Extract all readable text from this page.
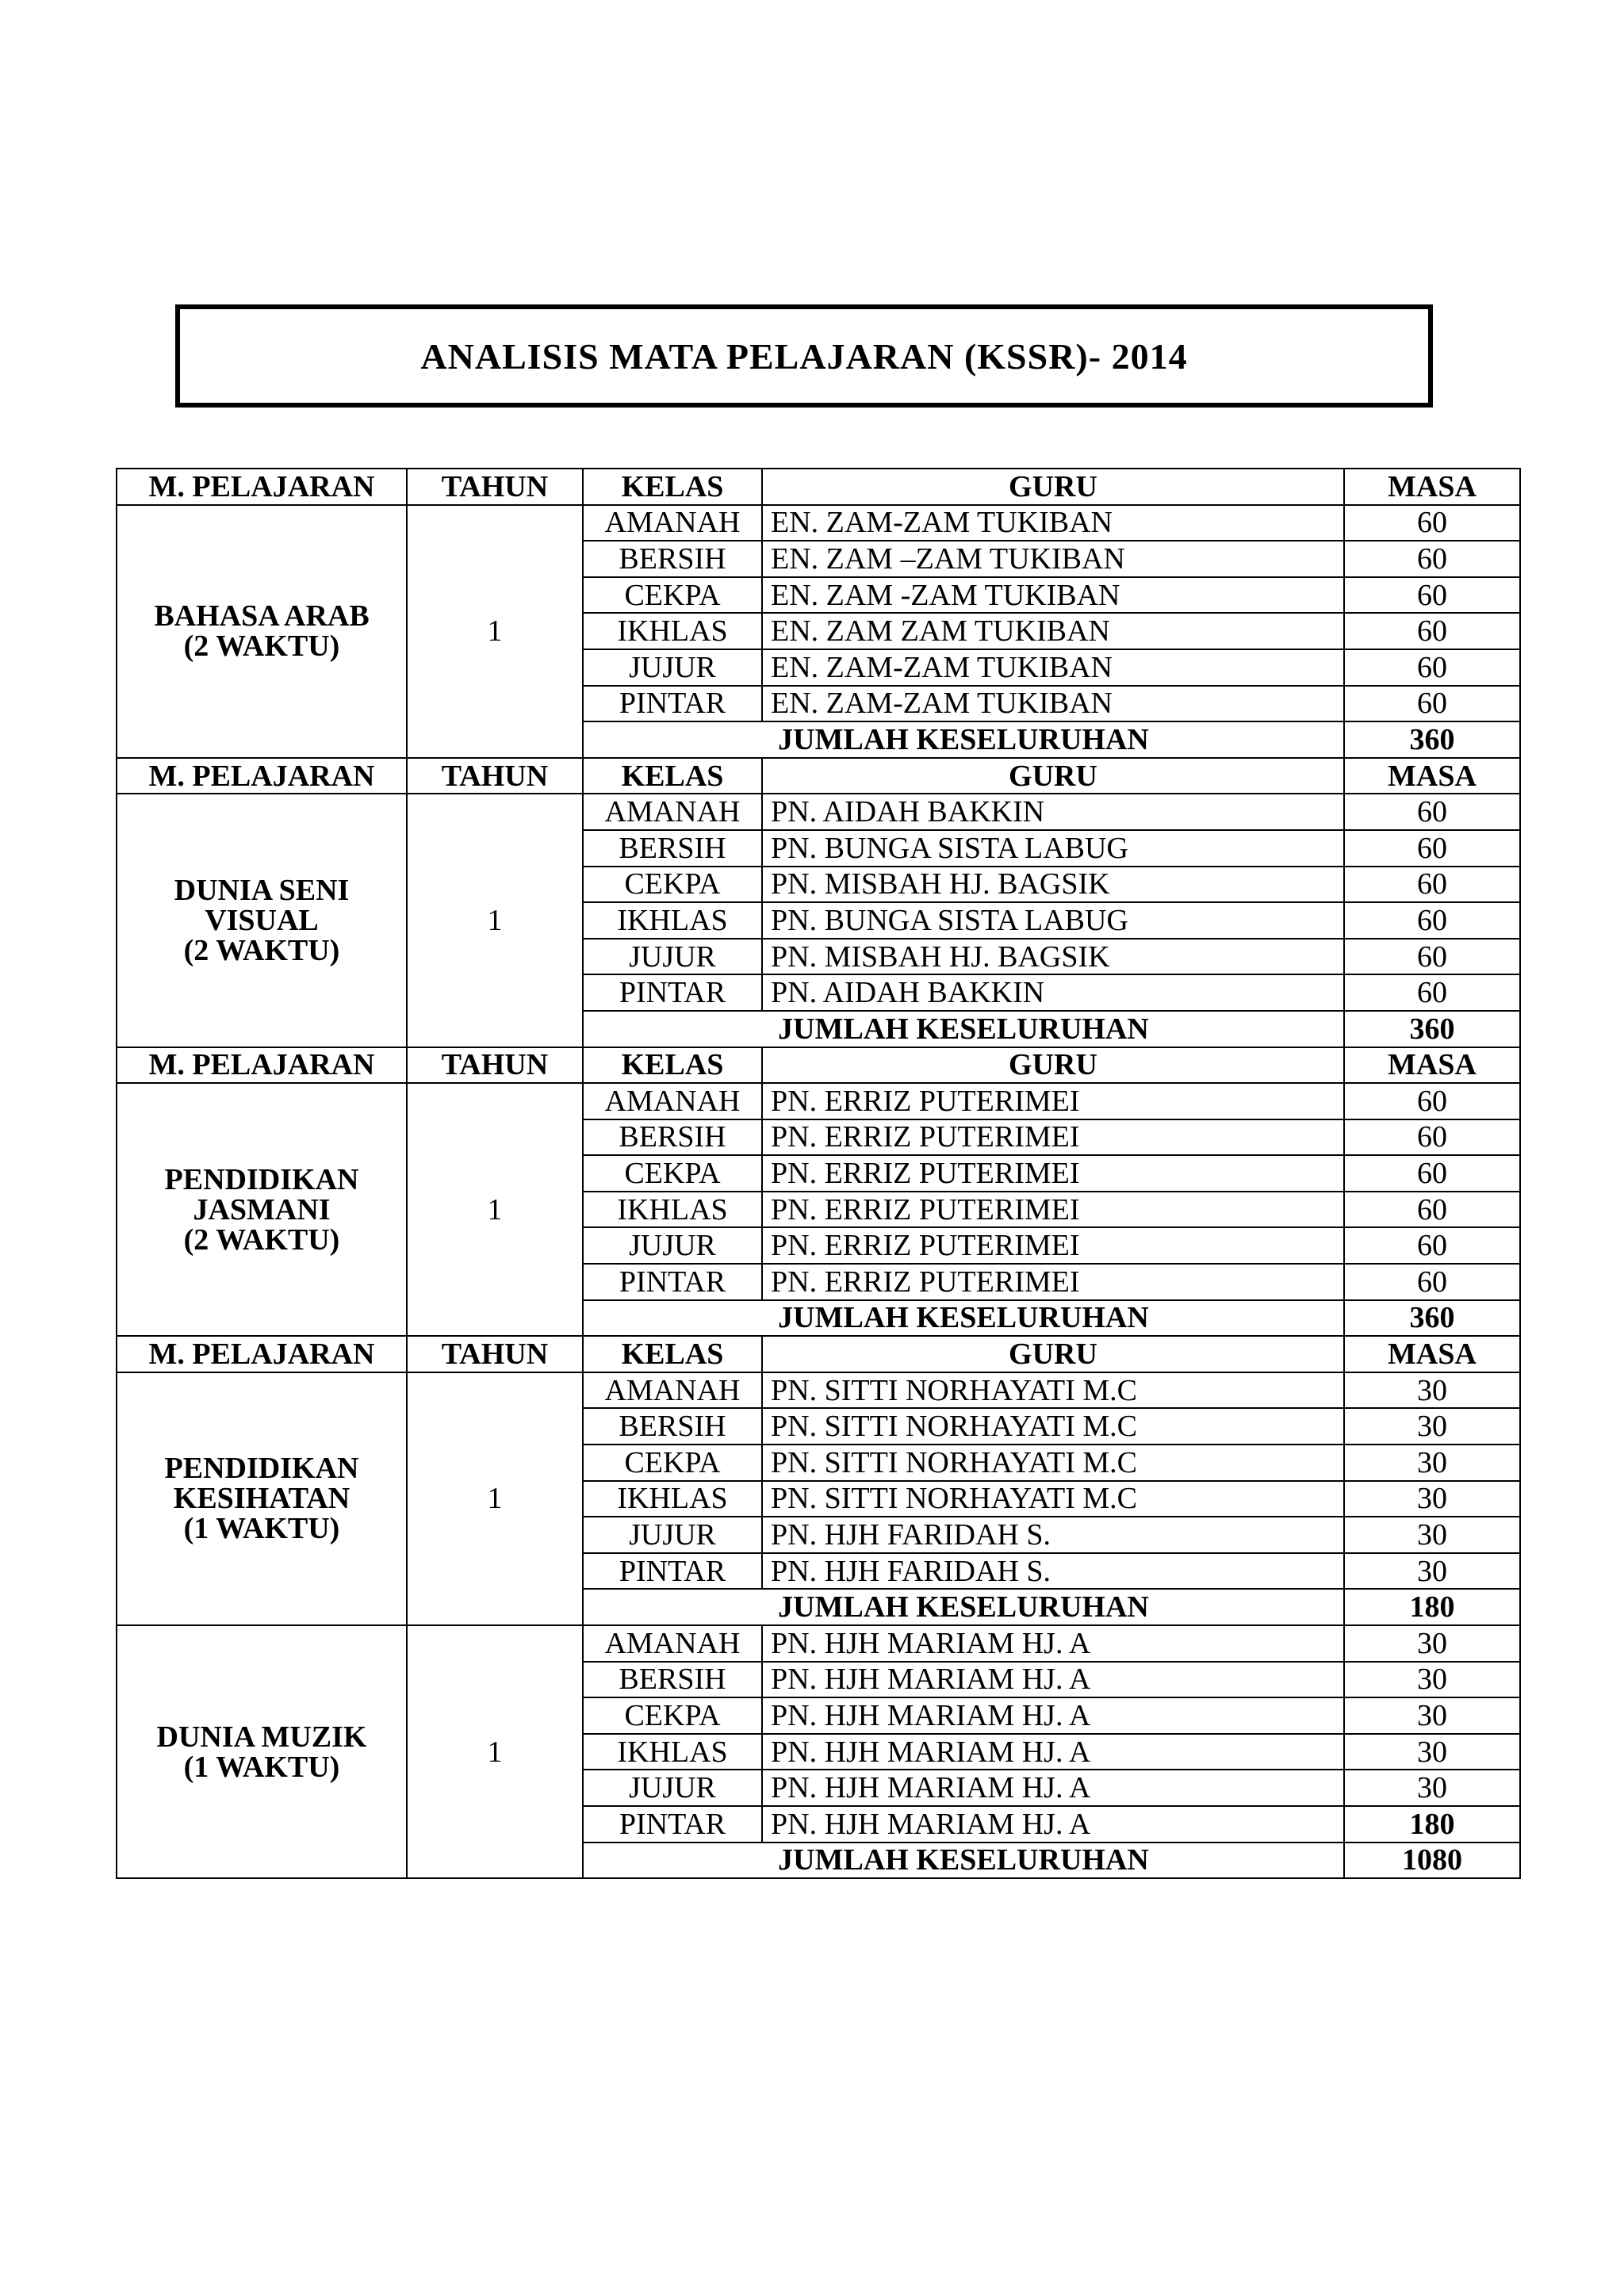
ANALISIS MATA PELAJARAN (KSSR)- 2014
M. PELAJARAN	TAHUN	KELAS	GURU	MASA

BAHASA ARAB
(2 WAKTU)	1	AMANAH	EN. ZAM-ZAM TUKIBAN	60
		BERSIH	EN. ZAM –ZAM TUKIBAN	60
		CEKPA	EN. ZAM -ZAM TUKIBAN	60
		IKHLAS	EN. ZAM ZAM TUKIBAN	60
		JUJUR	EN. ZAM-ZAM TUKIBAN	60
		PINTAR	EN. ZAM-ZAM TUKIBAN	60
		JUMLAH KESELURUHAN		360
M. PELAJARAN	TAHUN	KELAS	GURU	MASA

DUNIA SENI
VISUAL
(2 WAKTU)	1	AMANAH	PN. AIDAH BAKKIN	60
		BERSIH	PN. BUNGA SISTA LABUG	60
		CEKPA	PN. MISBAH HJ. BAGSIK	60
		IKHLAS	PN. BUNGA SISTA LABUG	60
		JUJUR	PN. MISBAH HJ. BAGSIK	60
		PINTAR	PN. AIDAH BAKKIN	60
		JUMLAH KESELURUHAN		360
M. PELAJARAN	TAHUN	KELAS	GURU	MASA

PENDIDIKAN
JASMANI
(2 WAKTU)	1	AMANAH	PN. ERRIZ PUTERIMEI	60
		BERSIH	PN. ERRIZ PUTERIMEI	60
		CEKPA	PN. ERRIZ PUTERIMEI	60
		IKHLAS	PN. ERRIZ PUTERIMEI	60
		JUJUR	PN. ERRIZ PUTERIMEI	60
		PINTAR	PN. ERRIZ PUTERIMEI	60
		JUMLAH KESELURUHAN		360
M. PELAJARAN	TAHUN	KELAS	GURU	MASA

PENDIDIKAN
KESIHATAN
(1 WAKTU)	1	AMANAH	PN. SITTI NORHAYATI M.C	30
		BERSIH	PN. SITTI NORHAYATI M.C	30
		CEKPA	PN. SITTI NORHAYATI M.C	30
		IKHLAS	PN. SITTI NORHAYATI M.C	30
		JUJUR	PN. HJH FARIDAH S.	30
		PINTAR	PN. HJH FARIDAH S.	30
		JUMLAH KESELURUHAN		180

DUNIA MUZIK
(1 WAKTU)	1	AMANAH	PN. HJH MARIAM HJ. A	30
		BERSIH	PN. HJH MARIAM HJ. A	30
		CEKPA	PN. HJH MARIAM HJ. A	30
		IKHLAS	PN. HJH MARIAM HJ. A	30
		JUJUR	PN. HJH MARIAM HJ. A	30
		PINTAR	PN. HJH MARIAM HJ. A	180
		JUMLAH KESELURUHAN		1080
